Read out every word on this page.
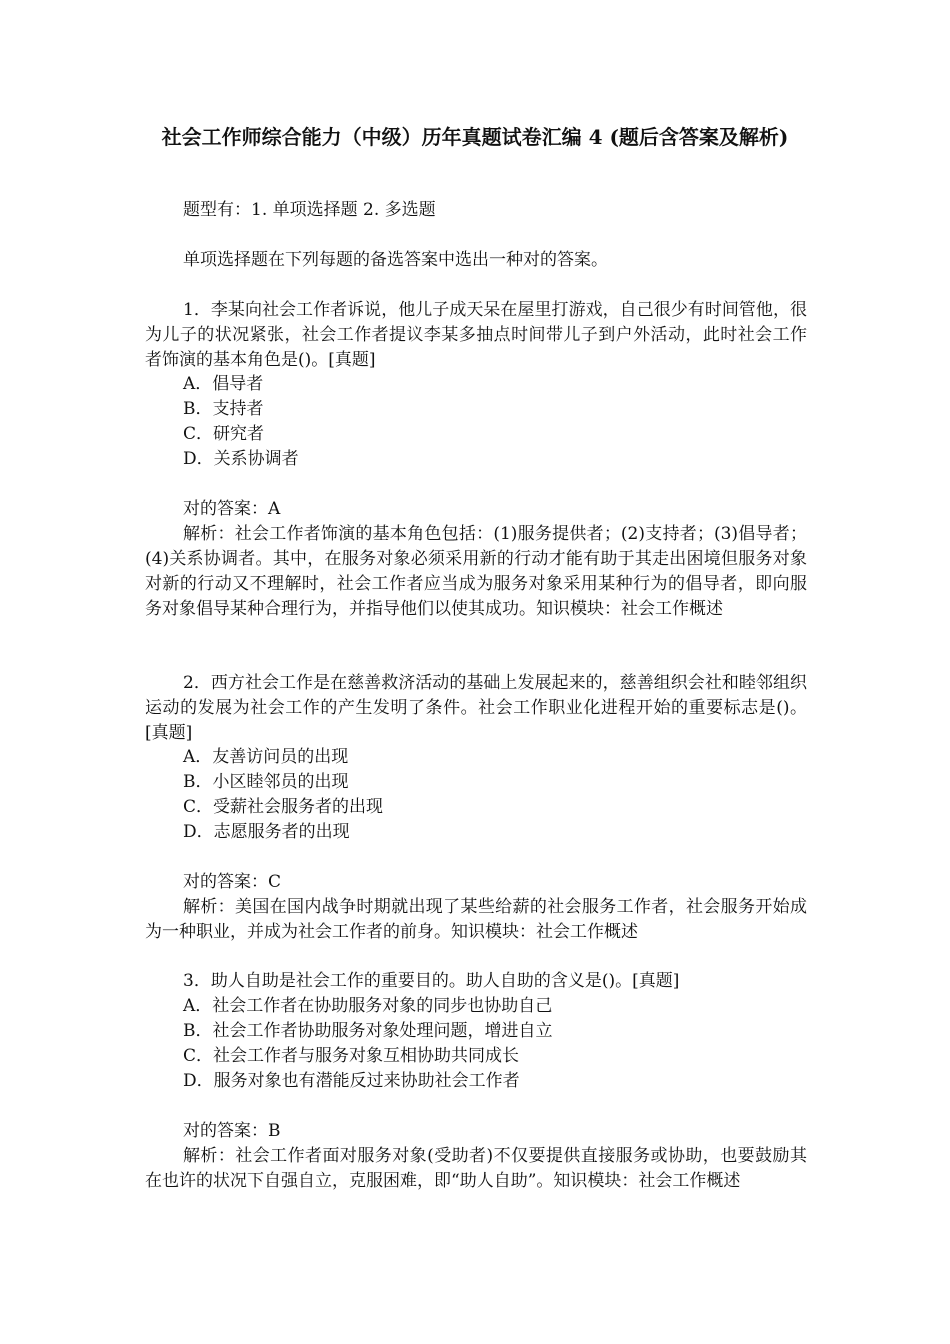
社会工作师综合能力（中级）历年真题试卷汇编 4 (题后含答案及解析)
题型有：1. 单项选择题 2. 多选题
单项选择题在下列每题的备选答案中选出一种对的答案。
1．李某向社会工作者诉说，他儿子成天呆在屋里打游戏，自己很少有时间管他，很为儿子的状况紧张，社会工作者提议李某多抽点时间带儿子到户外活动，此时社会工作者饰演的基本角色是()。[真题]
A．倡导者
B．支持者
C．研究者
D．关系协调者
对的答案：A
解析：社会工作者饰演的基本角色包括：(1)服务提供者；(2)支持者；(3)倡导者；(4)关系协调者。其中，在服务对象必须采用新的行动才能有助于其走出困境但服务对象对新的行动又不理解时，社会工作者应当成为服务对象采用某种行为的倡导者，即向服务对象倡导某种合理行为，并指导他们以使其成功。知识模块：社会工作概述
2．西方社会工作是在慈善救济活动的基础上发展起来的，慈善组织会社和睦邻组织运动的发展为社会工作的产生发明了条件。社会工作职业化进程开始的重要标志是()。[真题]
A．友善访问员的出现
B．小区睦邻员的出现
C．受薪社会服务者的出现
D．志愿服务者的出现
对的答案：C
解析：美国在国内战争时期就出现了某些给薪的社会服务工作者，社会服务开始成为一种职业，并成为社会工作者的前身。知识模块：社会工作概述
3．助人自助是社会工作的重要目的。助人自助的含义是()。[真题]
A．社会工作者在协助服务对象的同步也协助自己
B．社会工作者协助服务对象处理问题，增进自立
C．社会工作者与服务对象互相协助共同成长
D．服务对象也有潜能反过来协助社会工作者
对的答案：B
解析：社会工作者面对服务对象(受助者)不仅要提供直接服务或协助，也要鼓励其在也许的状况下自强自立，克服困难，即“助人自助”。知识模块：社会工作概述
